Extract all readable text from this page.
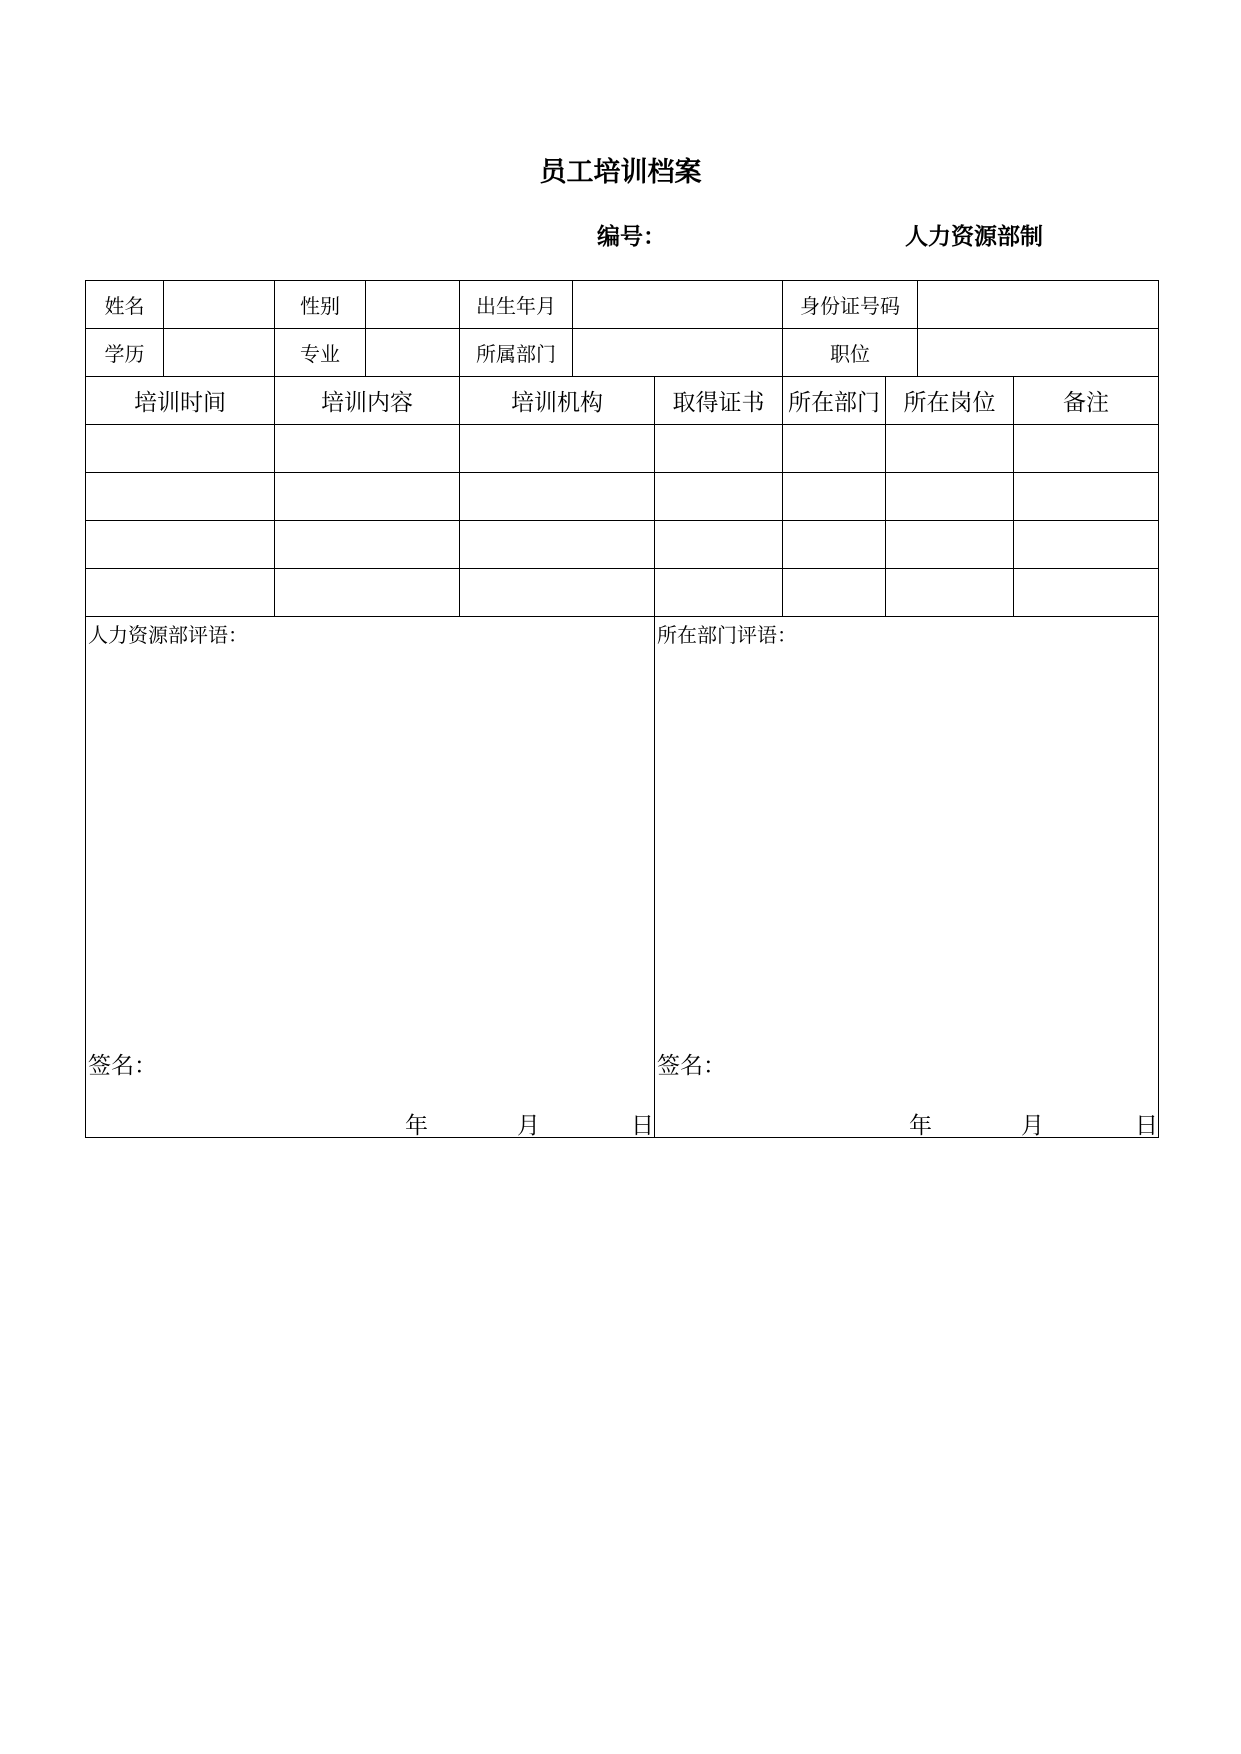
员工培训档案
编号：	人力资源部制
姓名		性别		出生年月			身份证号码			
学历		专业		所属部门			职位			
培训时间		培训内容		培训机构		取得证书	所在部门	所在岗位		备注

人力资源部评语：
签名：
年 月 日						所在部门评语：
签名：
年 月 日				
